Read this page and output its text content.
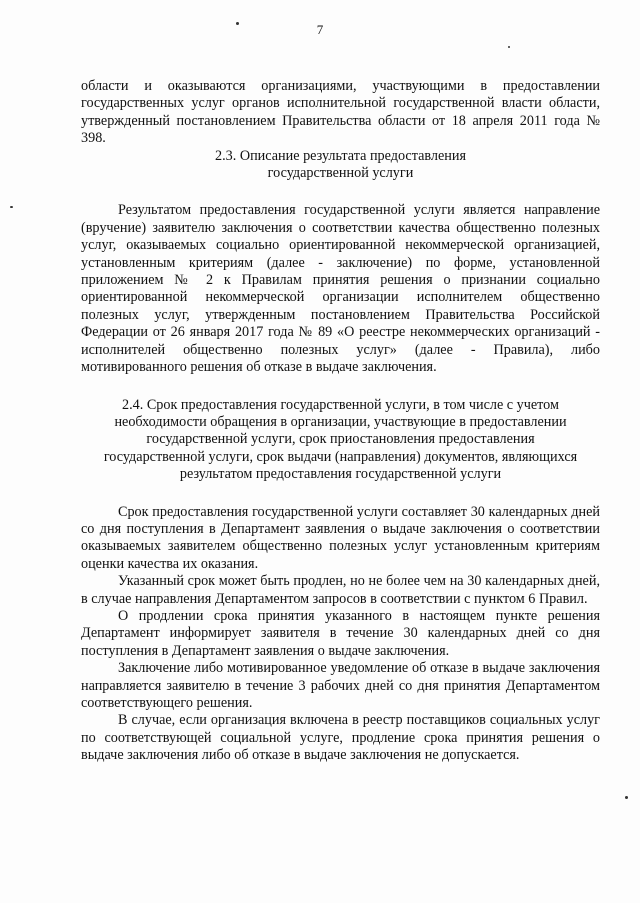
7

области и оказываются организациями, участвующими в предоставлении государственных услуг органов исполнительной государственной власти области, утвержденный постановлением Правительства области от 18 апреля 2011 года № 398.

2.3. Описание результата предоставления
государственной услуги

Результатом предоставления государственной услуги является направление (вручение) заявителю заключения о соответствии качества общественно полезных услуг, оказываемых социально ориентированной некоммерческой организацией, установленным критериям (далее - заключение) по форме, установленной приложением № 2 к Правилам принятия решения о признании социально ориентированной некоммерческой организации исполнителем общественно полезных услуг, утвержденным постановлением Правительства Российской Федерации от 26 января 2017 года № 89 «О реестре некоммерческих организаций - исполнителей общественно полезных услуг» (далее - Правила), либо мотивированного решения об отказе в выдаче заключения.

2.4. Срок предоставления государственной услуги, в том числе с учетом
необходимости обращения в организации, участвующие в предоставлении
государственной услуги, срок приостановления предоставления
государственной услуги, срок выдачи (направления) документов, являющихся
результатом предоставления государственной услуги

Срок предоставления государственной услуги составляет 30 календарных дней со дня поступления в Департамент заявления о выдаче заключения о соответствии оказываемых заявителем общественно полезных услуг установленным критериям оценки качества их оказания.

Указанный срок может быть продлен, но не более чем на 30 календарных дней, в случае направления Департаментом запросов в соответствии с пунктом 6 Правил.

О продлении срока принятия указанного в настоящем пункте решения Департамент информирует заявителя в течение 30 календарных дней со дня поступления в Департамент заявления о выдаче заключения.

Заключение либо мотивированное уведомление об отказе в выдаче заключения направляется заявителю в течение 3 рабочих дней со дня принятия Департаментом соответствующего решения.

В случае, если организация включена в реестр поставщиков социальных услуг по соответствующей социальной услуге, продление срока принятия решения о выдаче заключения либо об отказе в выдаче заключения не допускается.
